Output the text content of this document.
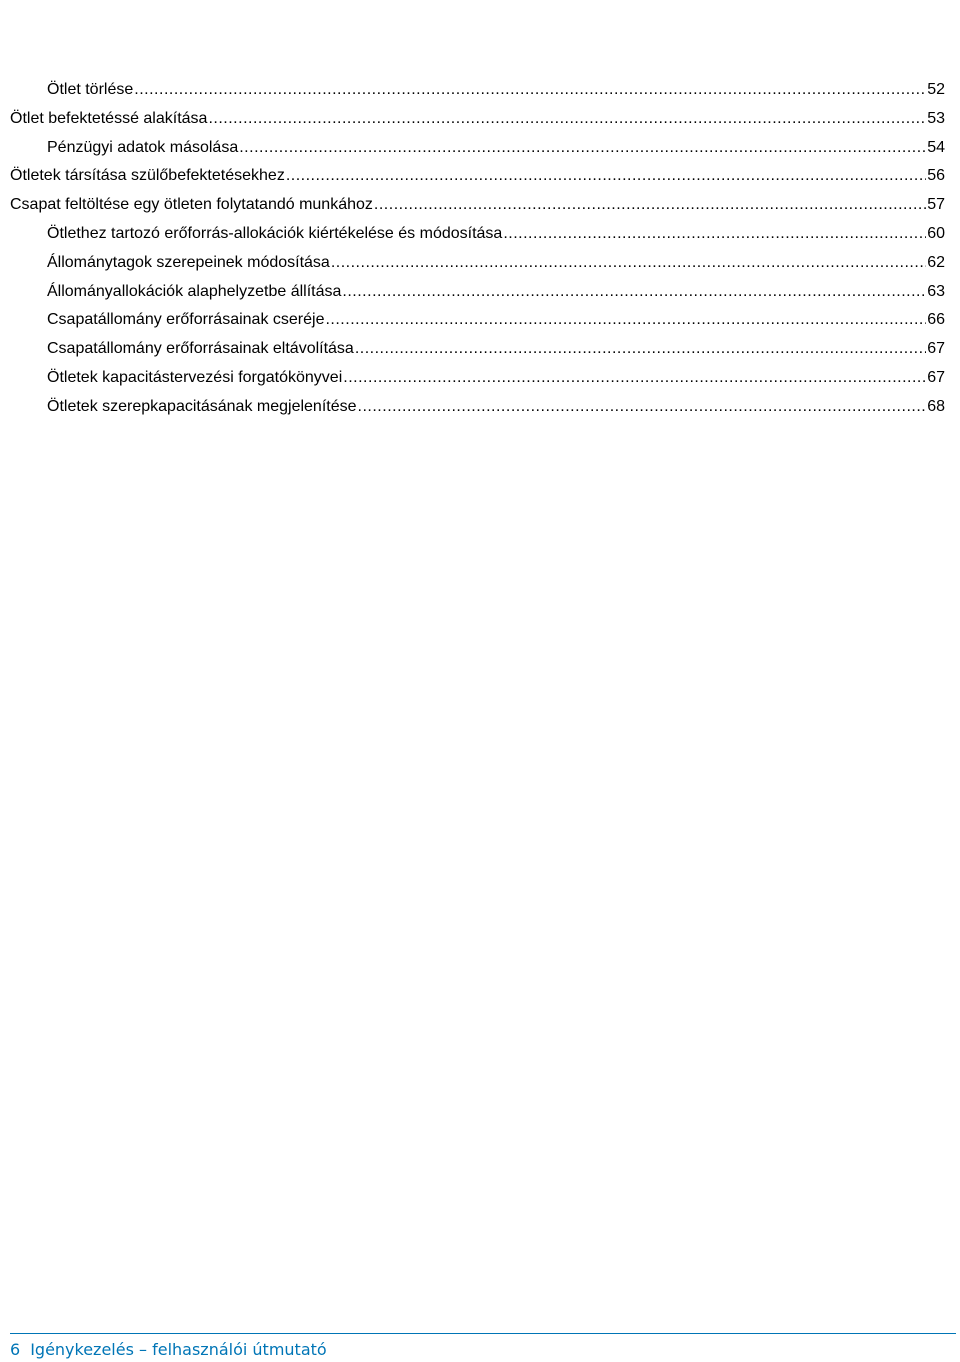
Ötlet törlése .....	52
Ötlet befektetéssé alakítása .....	53
Pénzügyi adatok másolása .....	54
Ötletek társítása szülőbefektetésekhez .....	56
Csapat feltöltése egy ötleten folytatandó munkához .....	57
Ötlethez tartozó erőforrás-allokációk kiértékelése és módosítása .....	60
Állománytagok szerepeinek módosítása .....	62
Állományallokációk alaphelyzetbe állítása .....	63
Csapatállomány erőforrásainak cseréje .....	66
Csapatállomány erőforrásainak eltávolítása .....	67
Ötletek kapacitástervezési forgatókönyvei .....	67
Ötletek szerepkapacitásának megjelenítése .....	68
6 Igénykezelés – felhasználói útmutató
